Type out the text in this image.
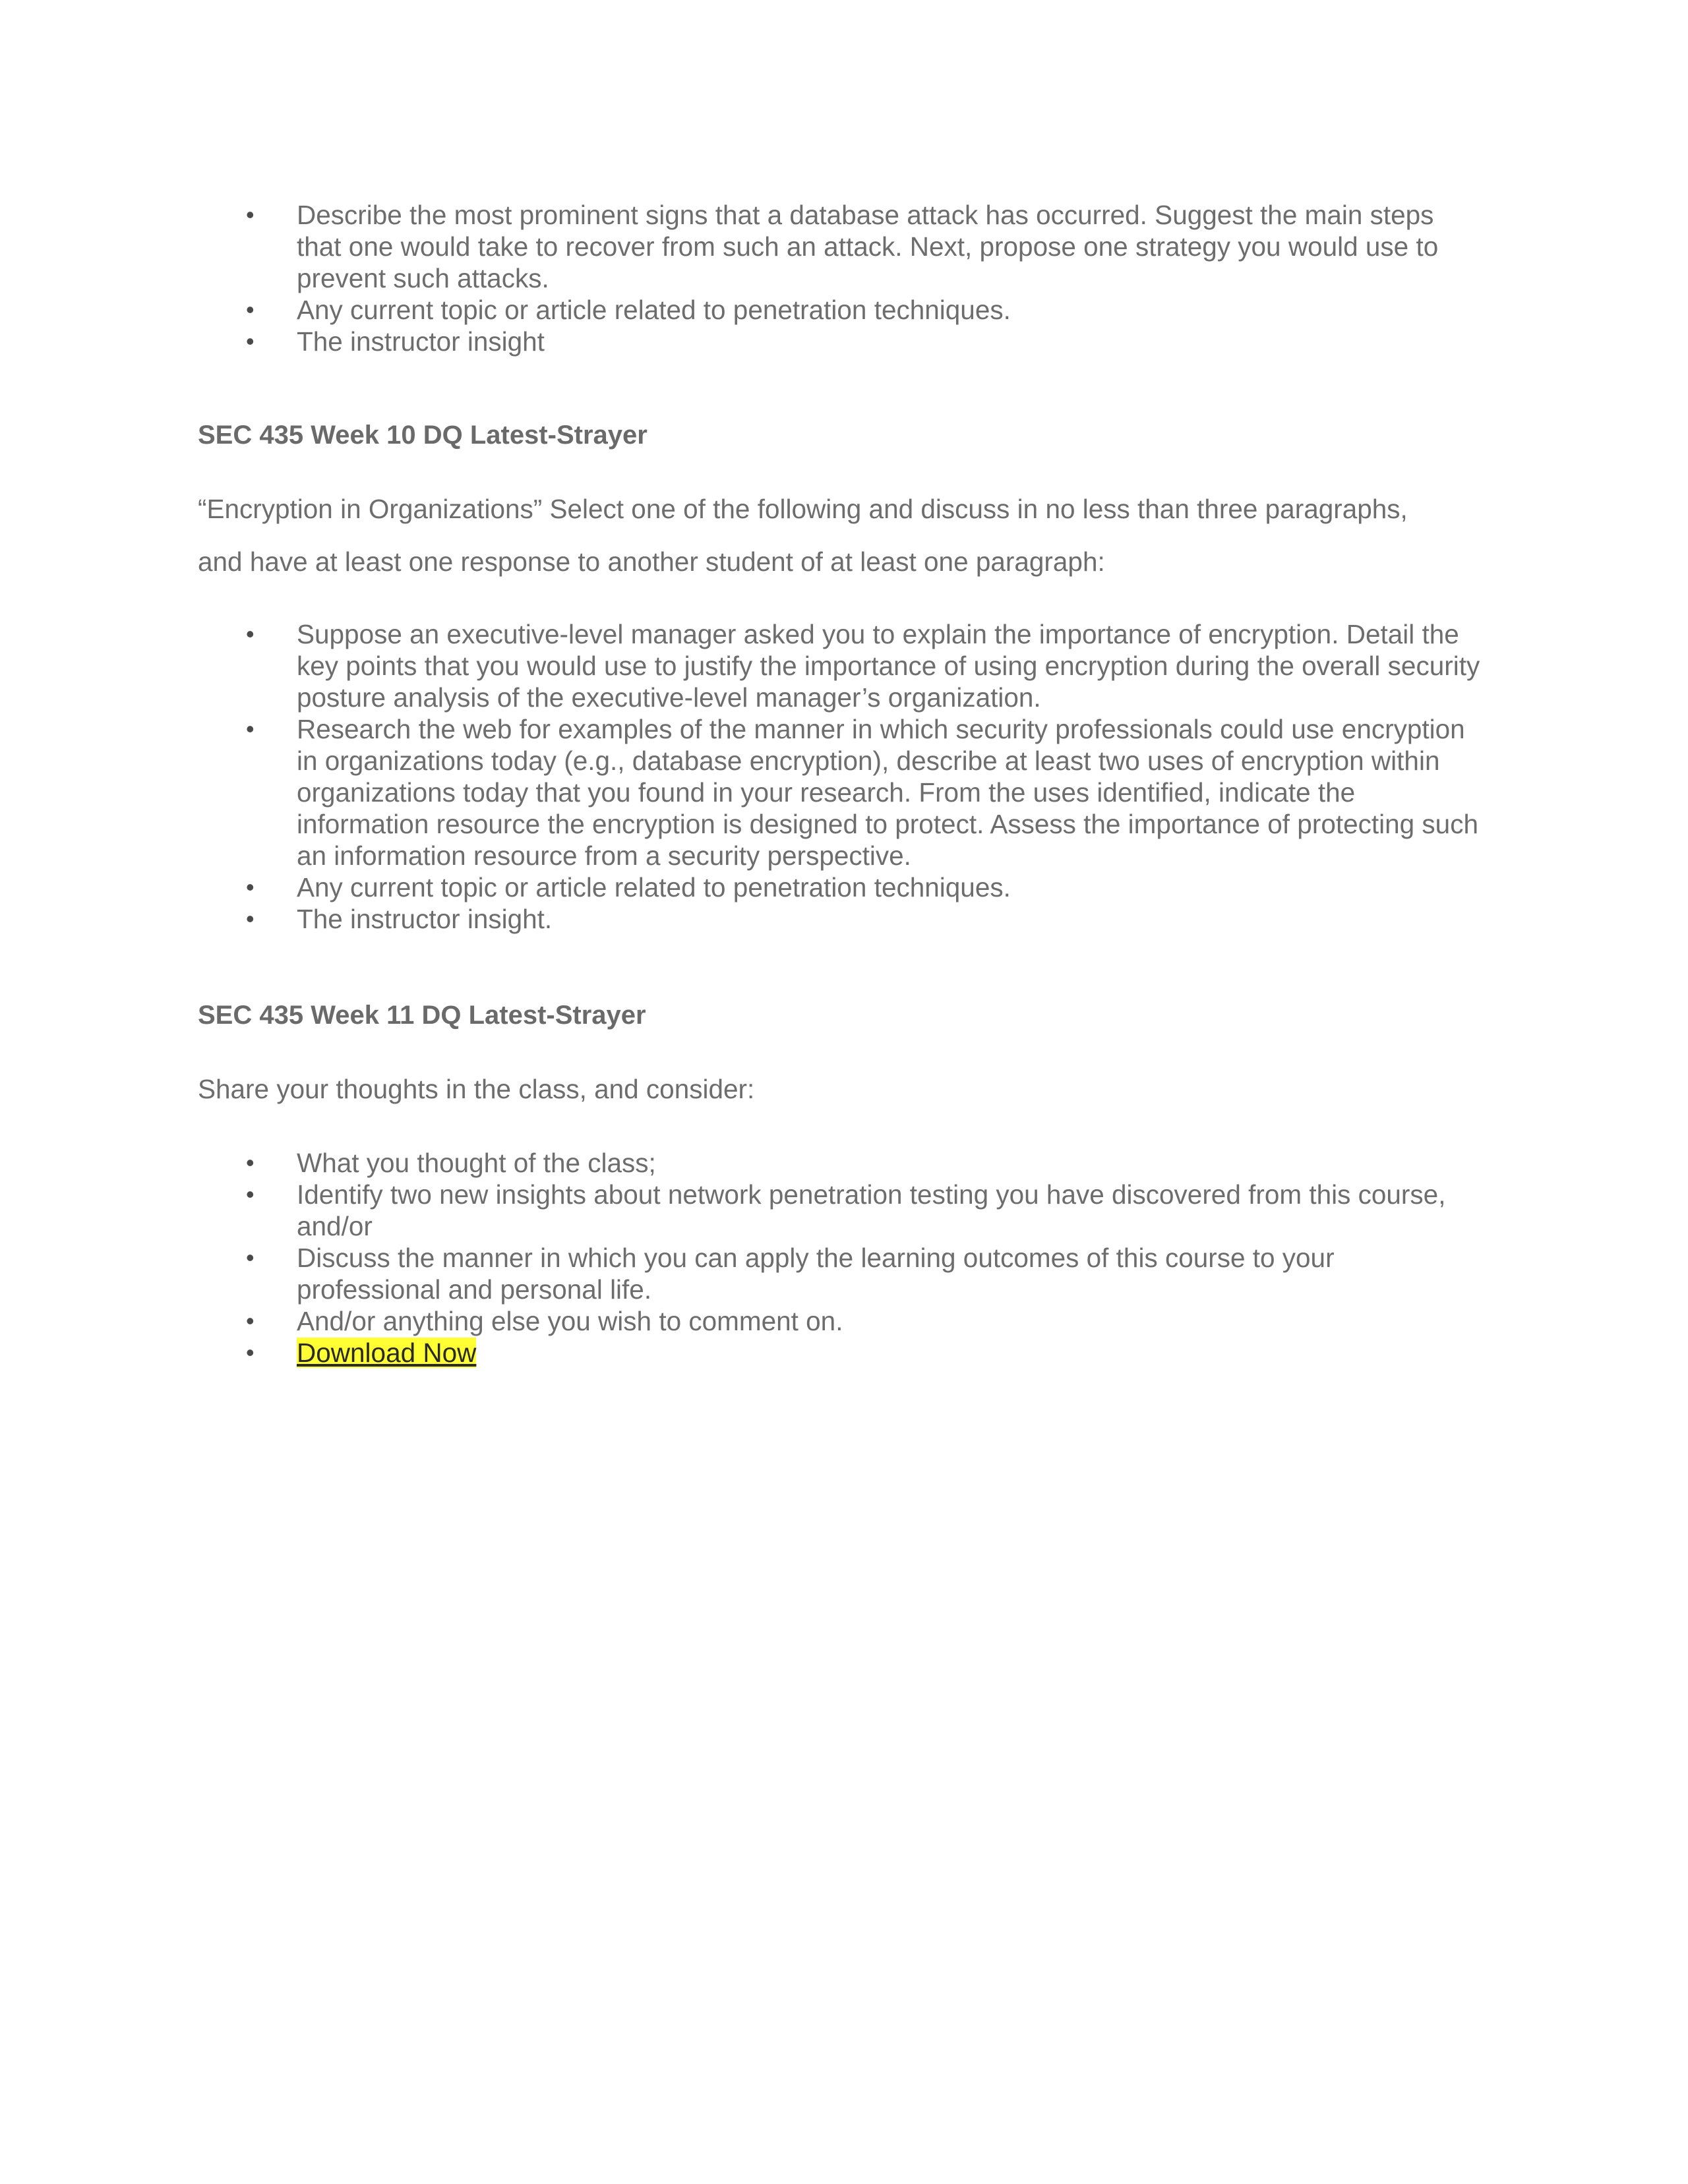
• Describe the most prominent signs that a database attack has occurred. Suggest the main steps that one would take to recover from such an attack. Next, propose one strategy you would use to prevent such attacks.
• Any current topic or article related to penetration techniques.
• The instructor insight
SEC 435 Week 10 DQ Latest-Strayer
“Encryption in Organizations” Select one of the following and discuss in no less than three paragraphs,
and have at least one response to another student of at least one paragraph:
• Suppose an executive-level manager asked you to explain the importance of encryption. Detail the key points that you would use to justify the importance of using encryption during the overall security posture analysis of the executive-level manager’s organization.
• Research the web for examples of the manner in which security professionals could use encryption in organizations today (e.g., database encryption), describe at least two uses of encryption within organizations today that you found in your research. From the uses identified, indicate the information resource the encryption is designed to protect. Assess the importance of protecting such an information resource from a security perspective.
• Any current topic or article related to penetration techniques.
• The instructor insight.
SEC 435 Week 11 DQ Latest-Strayer
Share your thoughts in the class, and consider:
• What you thought of the class;
• Identify two new insights about network penetration testing you have discovered from this course, and/or
• Discuss the manner in which you can apply the learning outcomes of this course to your professional and personal life.
• And/or anything else you wish to comment on.
• Download Now
